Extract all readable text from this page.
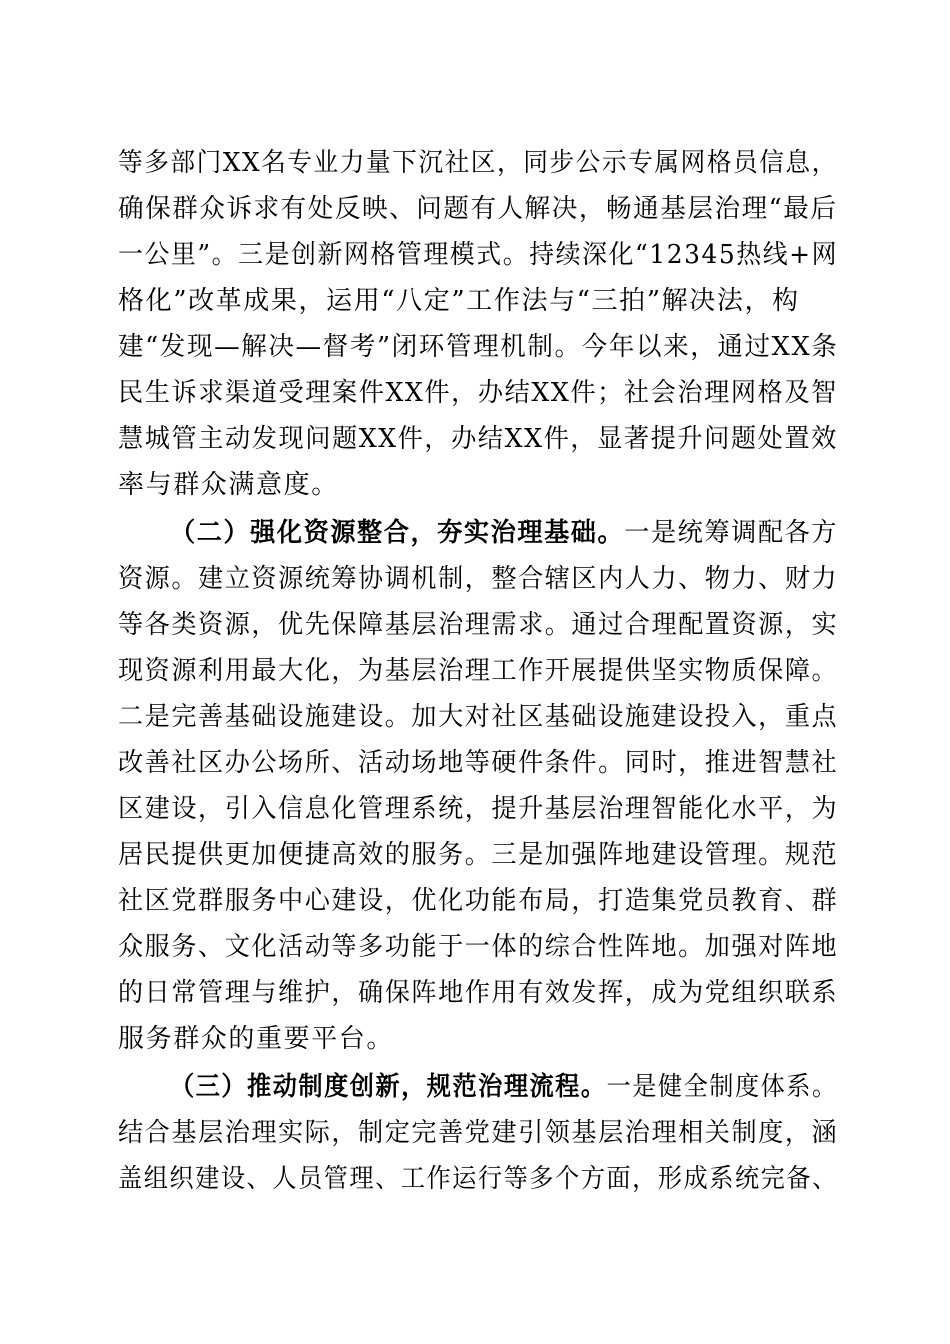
等多部门XX名专业力量下沉社区，同步公示专属网格员信息，
确保群众诉求有处反映、问题有人解决，畅通基层治理“最后
一公里”。三是创新网格管理模式。持续深化“12345热线+网
格化”改革成果，运用“八定”工作法与“三拍”解决法，构
建“发现—解决—督考”闭环管理机制。今年以来，通过XX条
民生诉求渠道受理案件XX件，办结XX件；社会治理网格及智
慧城管主动发现问题XX件，办结XX件，显著提升问题处置效
率与群众满意度。
（二）强化资源整合，夯实治理基础。一是统筹调配各方
资源。建立资源统筹协调机制，整合辖区内人力、物力、财力
等各类资源，优先保障基层治理需求。通过合理配置资源，实
现资源利用最大化，为基层治理工作开展提供坚实物质保障。
二是完善基础设施建设。加大对社区基础设施建设投入，重点
改善社区办公场所、活动场地等硬件条件。同时，推进智慧社
区建设，引入信息化管理系统，提升基层治理智能化水平，为
居民提供更加便捷高效的服务。三是加强阵地建设管理。规范
社区党群服务中心建设，优化功能布局，打造集党员教育、群
众服务、文化活动等多功能于一体的综合性阵地。加强对阵地
的日常管理与维护，确保阵地作用有效发挥，成为党组织联系
服务群众的重要平台。
（三）推动制度创新，规范治理流程。一是健全制度体系。
结合基层治理实际，制定完善党建引领基层治理相关制度，涵
盖组织建设、人员管理、工作运行等多个方面，形成系统完备、
